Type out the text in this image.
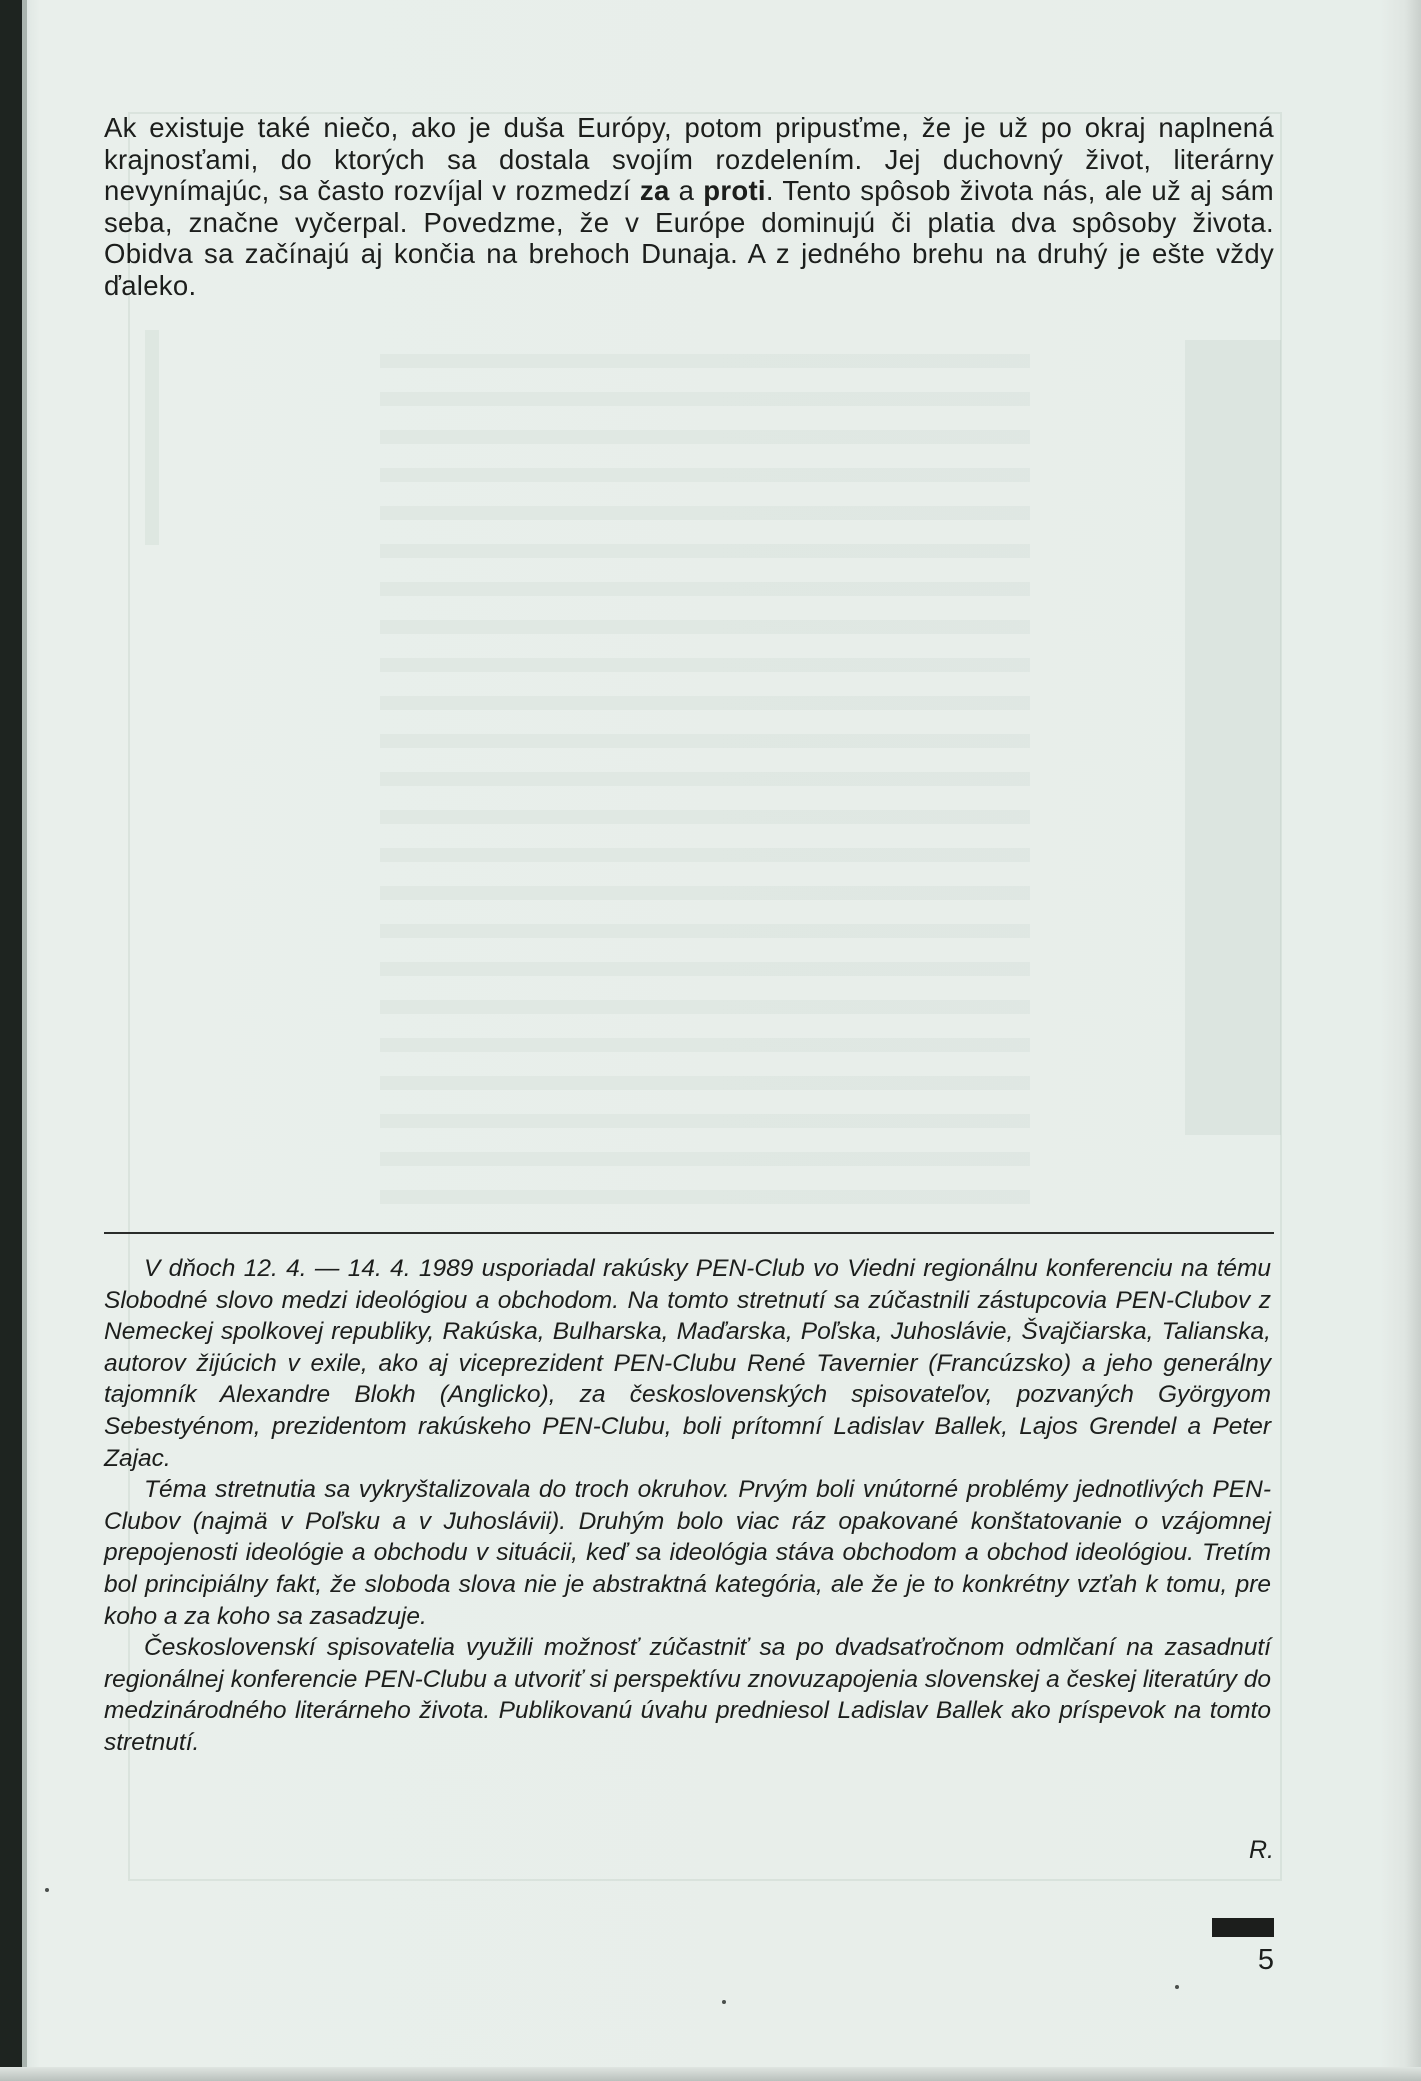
Ak existuje také niečo, ako je duša Európy, potom pripusťme, že je už po okraj naplnená krajnosťami, do ktorých sa dostala svojím rozdelením. Jej duchovný život, literárny nevynímajúc, sa často rozvíjal v rozmedzí za a proti. Tento spôsob života nás, ale už aj sám seba, značne vyčerpal. Povedzme, že v Európe dominujú či platia dva spôsoby života. Obidva sa začínajú aj končia na brehoch Dunaja. A z jedného brehu na druhý je ešte vždy ďaleko.

V dňoch 12. 4. — 14. 4. 1989 usporiadal rakúsky PEN-Club vo Viedni regionálnu konferenciu na tému Slobodné slovo medzi ideológiou a obchodom. Na tomto stretnutí sa zúčastnili zástupcovia PEN-Clubov z Nemeckej spolkovej republiky, Rakúska, Bulharska, Maďarska, Poľska, Juhoslávie, Švajčiarska, Talianska, autorov žijúcich v exile, ako aj viceprezident PEN-Clubu René Tavernier (Francúzsko) a jeho generálny tajomník Alexandre Blokh (Anglicko), za československých spisovateľov, pozvaných Györgyom Sebestyénom, prezidentom rakúskeho PEN-Clubu, boli prítomní Ladislav Ballek, Lajos Grendel a Peter Zajac.

Téma stretnutia sa vykryštalizovala do troch okruhov. Prvým boli vnútorné problémy jednotlivých PEN-Clubov (najmä v Poľsku a v Juhoslávii). Druhým bolo viac ráz opakované konštatovanie o vzájomnej prepojenosti ideológie a obchodu v situácii, keď sa ideológia stáva obchodom a obchod ideológiou. Tretím bol principiálny fakt, že sloboda slova nie je abstraktná kategória, ale že je to konkrétny vzťah k tomu, pre koho a za koho sa zasadzuje.

Československí spisovatelia využili možnosť zúčastniť sa po dvadsaťročnom odmlčaní na zasadnutí regionálnej konferencie PEN-Clubu a utvoriť si perspektívu znovuzapojenia slovenskej a českej literatúry do medzinárodného literárneho života. Publikovanú úvahu predniesol Ladislav Ballek ako príspevok na tomto stretnutí.

R.
5
